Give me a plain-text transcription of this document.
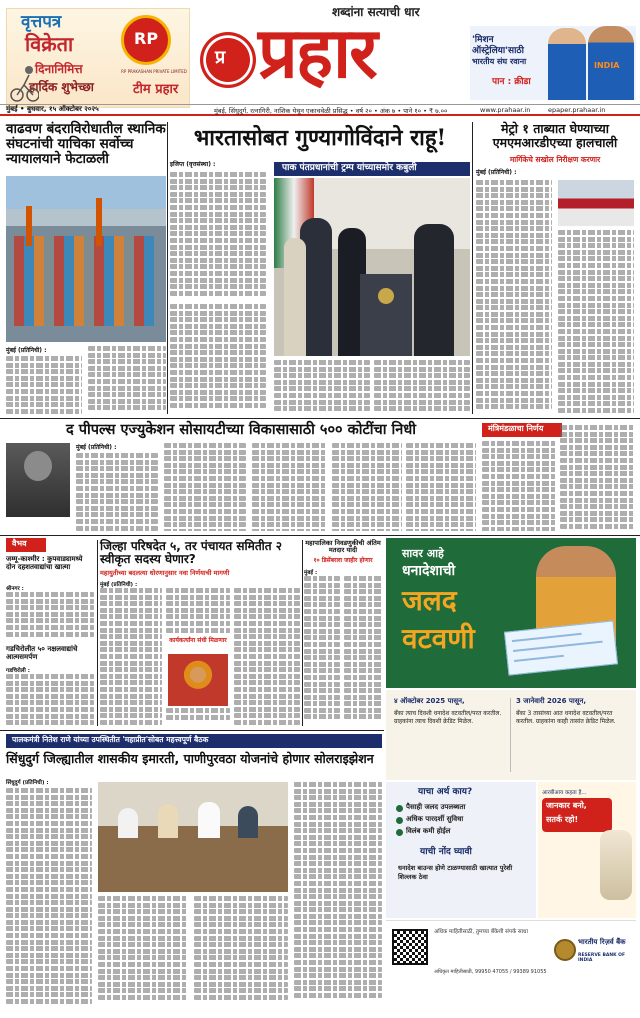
वृत्तपत्र
विक्रेता
दिनानिमित्त
हार्दिक शुभेच्छा	टीम प्रहार
RP
RP PRAKASHAN PRIVATE LIMITED
शब्दांना सत्याची धार
प्रहार
प्र
'मिशन
ऑस्ट्रेलिया'साठी
भारतीय संघ रवाना
पान : क्रीडा
INDIA
मुंबई • बुधवार, १५ ऑक्टोबर २०२५	मुंबई, सिंधुदुर्ग, रत्नागिरी, नाशिक येथून एकाचवेळी प्रसिद्ध • वर्ष २० • अंक ७ • पाने १० • ₹ ७.००	www.prahaar.in	epaper.prahaar.in
वाढवण बंदराविरोधातील स्थानिक संघटनांची याचिका सर्वोच्च न्यायालयाने फेटाळली
मुंबई (प्रतिनिधी) :
भारतासोबत गुण्यागोविंदाने राहू!
इजिप्त (वृत्तसंस्था) :	पाक पंतप्रधानांची ट्रम्प यांच्यासमोर कबुली
मेट्रो १ ताब्यात घेण्याच्या एमएमआरडीएच्या हालचाली
मार्गिकेचे सखोल निरीक्षण करणार
मुंबई (प्रतिनिधी) :
द पीपल्स एज्युकेशन सोसायटीच्या विकासासाठी ५०० कोटींचा निधी
मुंबई (प्रतिनिधी) :
मंत्रिमंडळाचा निर्णय
वैभव
जम्मू-काश्मीर : कुपवाड्यामध्ये दोन दहशतवाद्यांचा खात्मा
श्रीनगर :
गडचिरोलीत ५० नक्षलवाद्यांचे आत्मसमर्पण
गडचिरोली :
जिल्हा परिषदेत ५, तर पंचायत समितीत २ स्वीकृत सदस्य घेणार?
महायुतीच्या बदलत्या धोरणानुसार नवा निर्णयाची मागणी
मुंबई (प्रतिनिधी) :
कार्यकर्त्यांना संधी मिळणार
महापालिका निवडणुकीची अंतिम मतदार यादी
१० डिसेंबरला जाहीर होणार
मुंबई :
सावर आहे
धनादेशाची
जलद
वटवणी
४ ऑक्टोबर 2025 पासून,
बँका त्याच दिवशी धनादेश वटवतील/परत करतील. ग्राहकांना त्याच दिवशी क्रेडिट मिळेल.
3 जानेवारी 2026 पासून,
बँका 3 तासांच्या आत धनादेश वटवतील/परत करतील. ग्राहकांना काही तासांत क्रेडिट मिळेल.
याचा अर्थ काय?
पैसाही जलद उपलब्धता
अधिक पारदर्शी सुविधा
विलंब कमी होईल
याची नोंद घ्यावी
धनादेश बाउन्स होणे टाळण्यासाठी खात्यात पुरेशी शिल्लक ठेवा
आरबीआय कहता है...
जानकार बनो,
सतर्क रहो!
अधिक माहितीसाठी, तुमच्या बँकेशी संपर्क साधा
अधिकृत माहितीसाठी, 99950 47055 / 99389 91055
भारतीय रिज़र्व बैंक
RESERVE BANK OF INDIA
पालकमंत्री नितेश राणे यांच्या उपस्थितीत 'महाप्रीत'सोबत महत्त्वपूर्ण बैठक
सिंधुदुर्ग जिल्ह्यातील शासकीय इमारती, पाणीपुरवठा योजनांचे होणार सोलराइझेशन
सिंधुदुर्ग (प्रतिनिधी) :
